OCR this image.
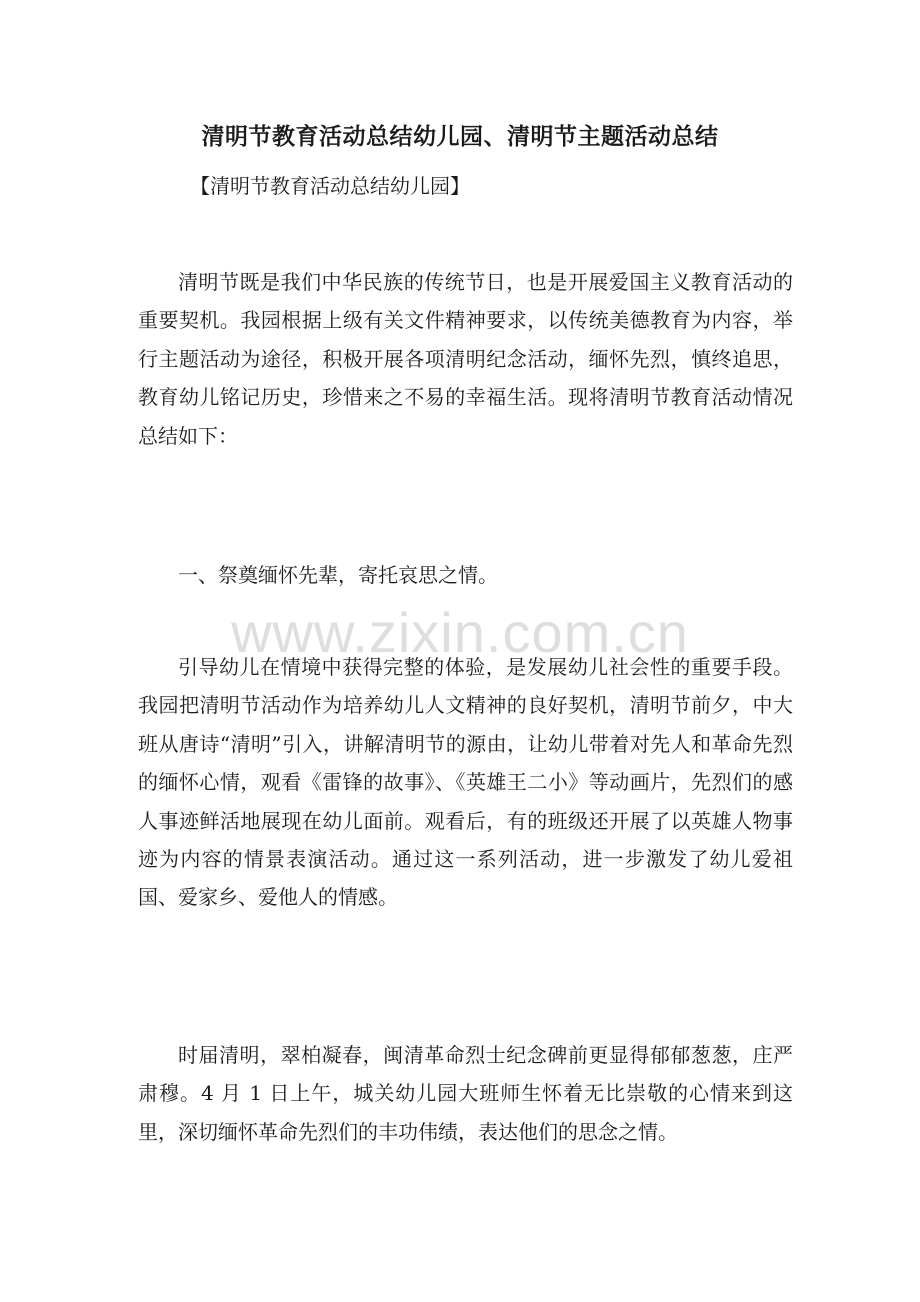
清明节教育活动总结幼儿园、清明节主题活动总结

【清明节教育活动总结幼儿园】

清明节既是我们中华民族的传统节日，也是开展爱国主义教育活动的重要契机。我园根据上级有关文件精神要求，以传统美德教育为内容，举行主题活动为途径，积极开展各项清明纪念活动，缅怀先烈，慎终追思，教育幼儿铭记历史，珍惜来之不易的幸福生活。现将清明节教育活动情况总结如下：

一、祭奠缅怀先辈，寄托哀思之情。

www.zixin.com.cn

引导幼儿在情境中获得完整的体验，是发展幼儿社会性的重要手段。我园把清明节活动作为培养幼儿人文精神的良好契机，清明节前夕，中大班从唐诗“清明”引入，讲解清明节的源由，让幼儿带着对先人和革命先烈的缅怀心情，观看《雷锋的故事》、《英雄王二小》等动画片，先烈们的感人事迹鲜活地展现在幼儿面前。观看后，有的班级还开展了以英雄人物事迹为内容的情景表演活动。通过这一系列活动，进一步激发了幼儿爱祖国、爱家乡、爱他人的情感。

时届清明，翠柏凝春，闽清革命烈士纪念碑前更显得郁郁葱葱，庄严肃穆。4 月 1 日上午，城关幼儿园大班师生怀着无比崇敬的心情来到这里，深切缅怀革命先烈们的丰功伟绩，表达他们的思念之情。
